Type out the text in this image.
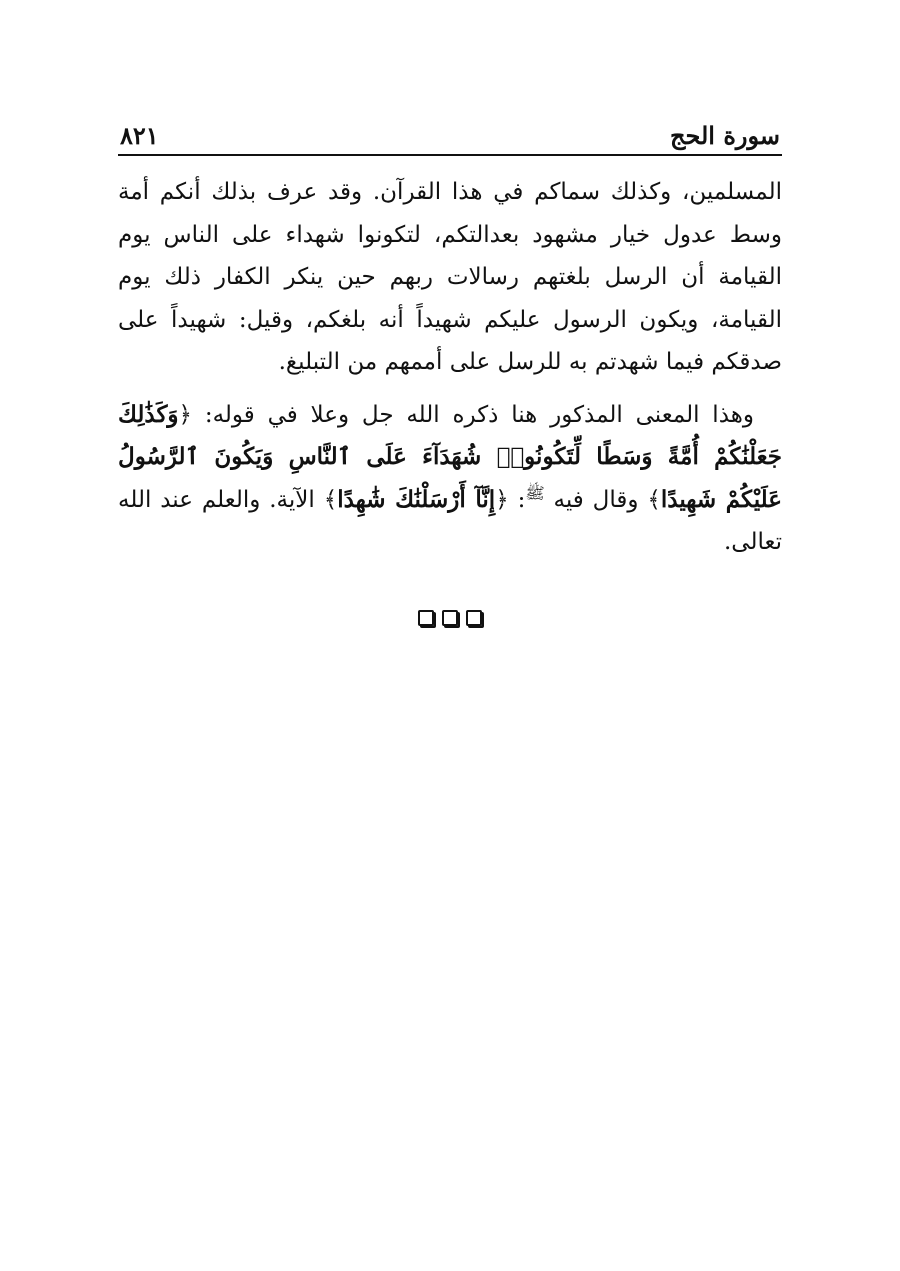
سورة الحج
٨٢١

المسلمين، وكذلك سماكم في هذا القرآن. وقد عرف بذلك أنكم أمة وسط عدول خيار مشهود بعدالتكم، لتكونوا شهداء على الناس يوم القيامة أن الرسل بلغتهم رسالات ربهم حين ينكر الكفار ذلك يوم القيامة، ويكون الرسول عليكم شهيداً أنه بلغكم، وقيل: شهيداً على صدقكم فيما شهدتم به للرسل على أممهم من التبليغ.

وهذا المعنى المذكور هنا ذكره الله جل وعلا في قوله: ﴿وَكَذَٰلِكَ جَعَلْنَٰكُمْ أُمَّةً وَسَطًا لِّتَكُونُوا۟ شُهَدَآءَ عَلَى ٱلنَّاسِ وَيَكُونَ ٱلرَّسُولُ عَلَيْكُمْ شَهِيدًا﴾ وقال فيه $^ﷺ$: ﴿إِنَّآ أَرْسَلْنَٰكَ شَٰهِدًا﴾ الآية. والعلم عند الله تعالى.
